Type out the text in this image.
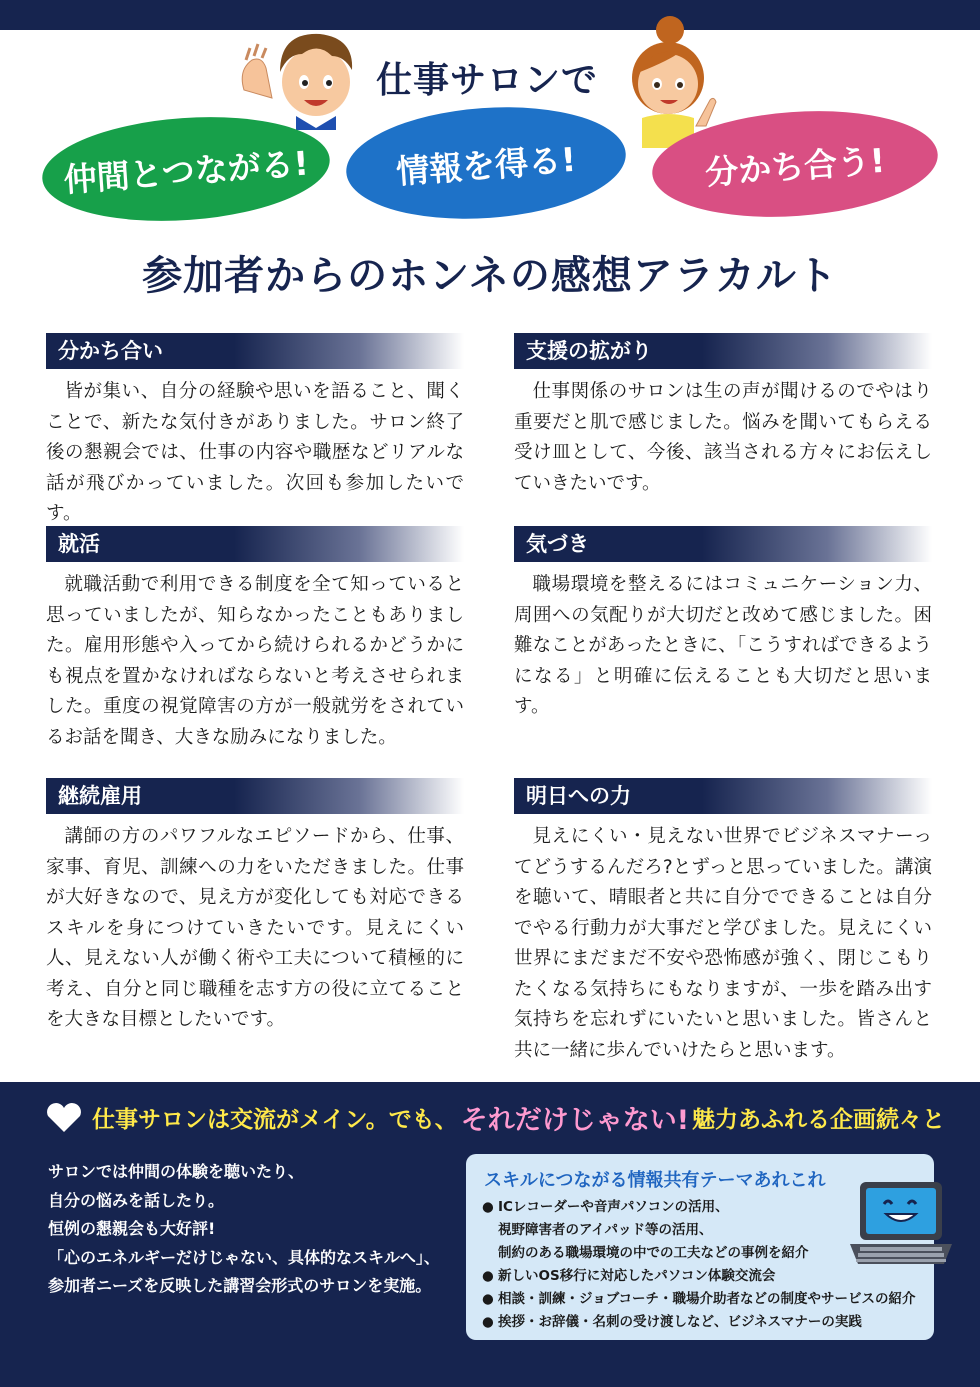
仕事サロンで
仲間とつながる!	情報を得る!	分かち合う!
参加者からのホンネの感想アラカルト
分かち合い
皆が集い、自分の経験や思いを語ること、聞くことで、新たな気付きがありました。サロン終了後の懇親会では、仕事の内容や職歴などリアルな話が飛びかっていました。次回も参加したいです。
就活
就職活動で利用できる制度を全て知っていると思っていましたが、知らなかったこともありました。雇用形態や入ってから続けられるかどうかにも視点を置かなければならないと考えさせられました。重度の視覚障害の方が一般就労をされているお話を聞き、大きな励みになりました。
継続雇用
講師の方のパワフルなエピソードから、仕事、家事、育児、訓練への力をいただきました。仕事が大好きなので、見え方が変化しても対応できるスキルを身につけていきたいです。見えにくい人、見えない人が働く術や工夫について積極的に考え、自分と同じ職種を志す方の役に立てることを大きな目標としたいです。
支援の拡がり
仕事関係のサロンは生の声が聞けるのでやはり重要だと肌で感じました。悩みを聞いてもらえる受け皿として、今後、該当される方々にお伝えしていきたいです。
気づき
職場環境を整えるにはコミュニケーション力、周囲への気配りが大切だと改めて感じました。困難なことがあったときに、「こうすればできるようになる」と明確に伝えることも大切だと思います。
明日への力
見えにくい・見えない世界でビジネスマナーってどうするんだろ?とずっと思っていました。講演を聴いて、晴眼者と共に自分でできることは自分でやる行動力が大事だと学びました。見えにくい世界にまだまだ不安や恐怖感が強く、閉じこもりたくなる気持ちにもなりますが、一歩を踏み出す気持ちを忘れずにいたいと思いました。皆さんと共に一緒に歩んでいけたらと思います。
仕事サロンは交流がメイン。でも、 それだけじゃない! 魅力あふれる企画続々と
サロンでは仲間の体験を聴いたり、
自分の悩みを話したり。
恒例の懇親会も大好評!
「心のエネルギーだけじゃない、具体的なスキルへ」、
参加者ニーズを反映した講習会形式のサロンを実施。
スキルにつながる情報共有テーマあれこれ
● ICレコーダーや音声パソコンの活用、
視野障害者のアイパッド等の活用、
制約のある職場環境の中での工夫などの事例を紹介
● 新しいOS移行に対応したパソコン体験交流会
● 相談・訓練・ジョブコーチ・職場介助者などの制度やサービスの紹介
● 挨拶・お辞儀・名刺の受け渡しなど、ビジネスマナーの実践
